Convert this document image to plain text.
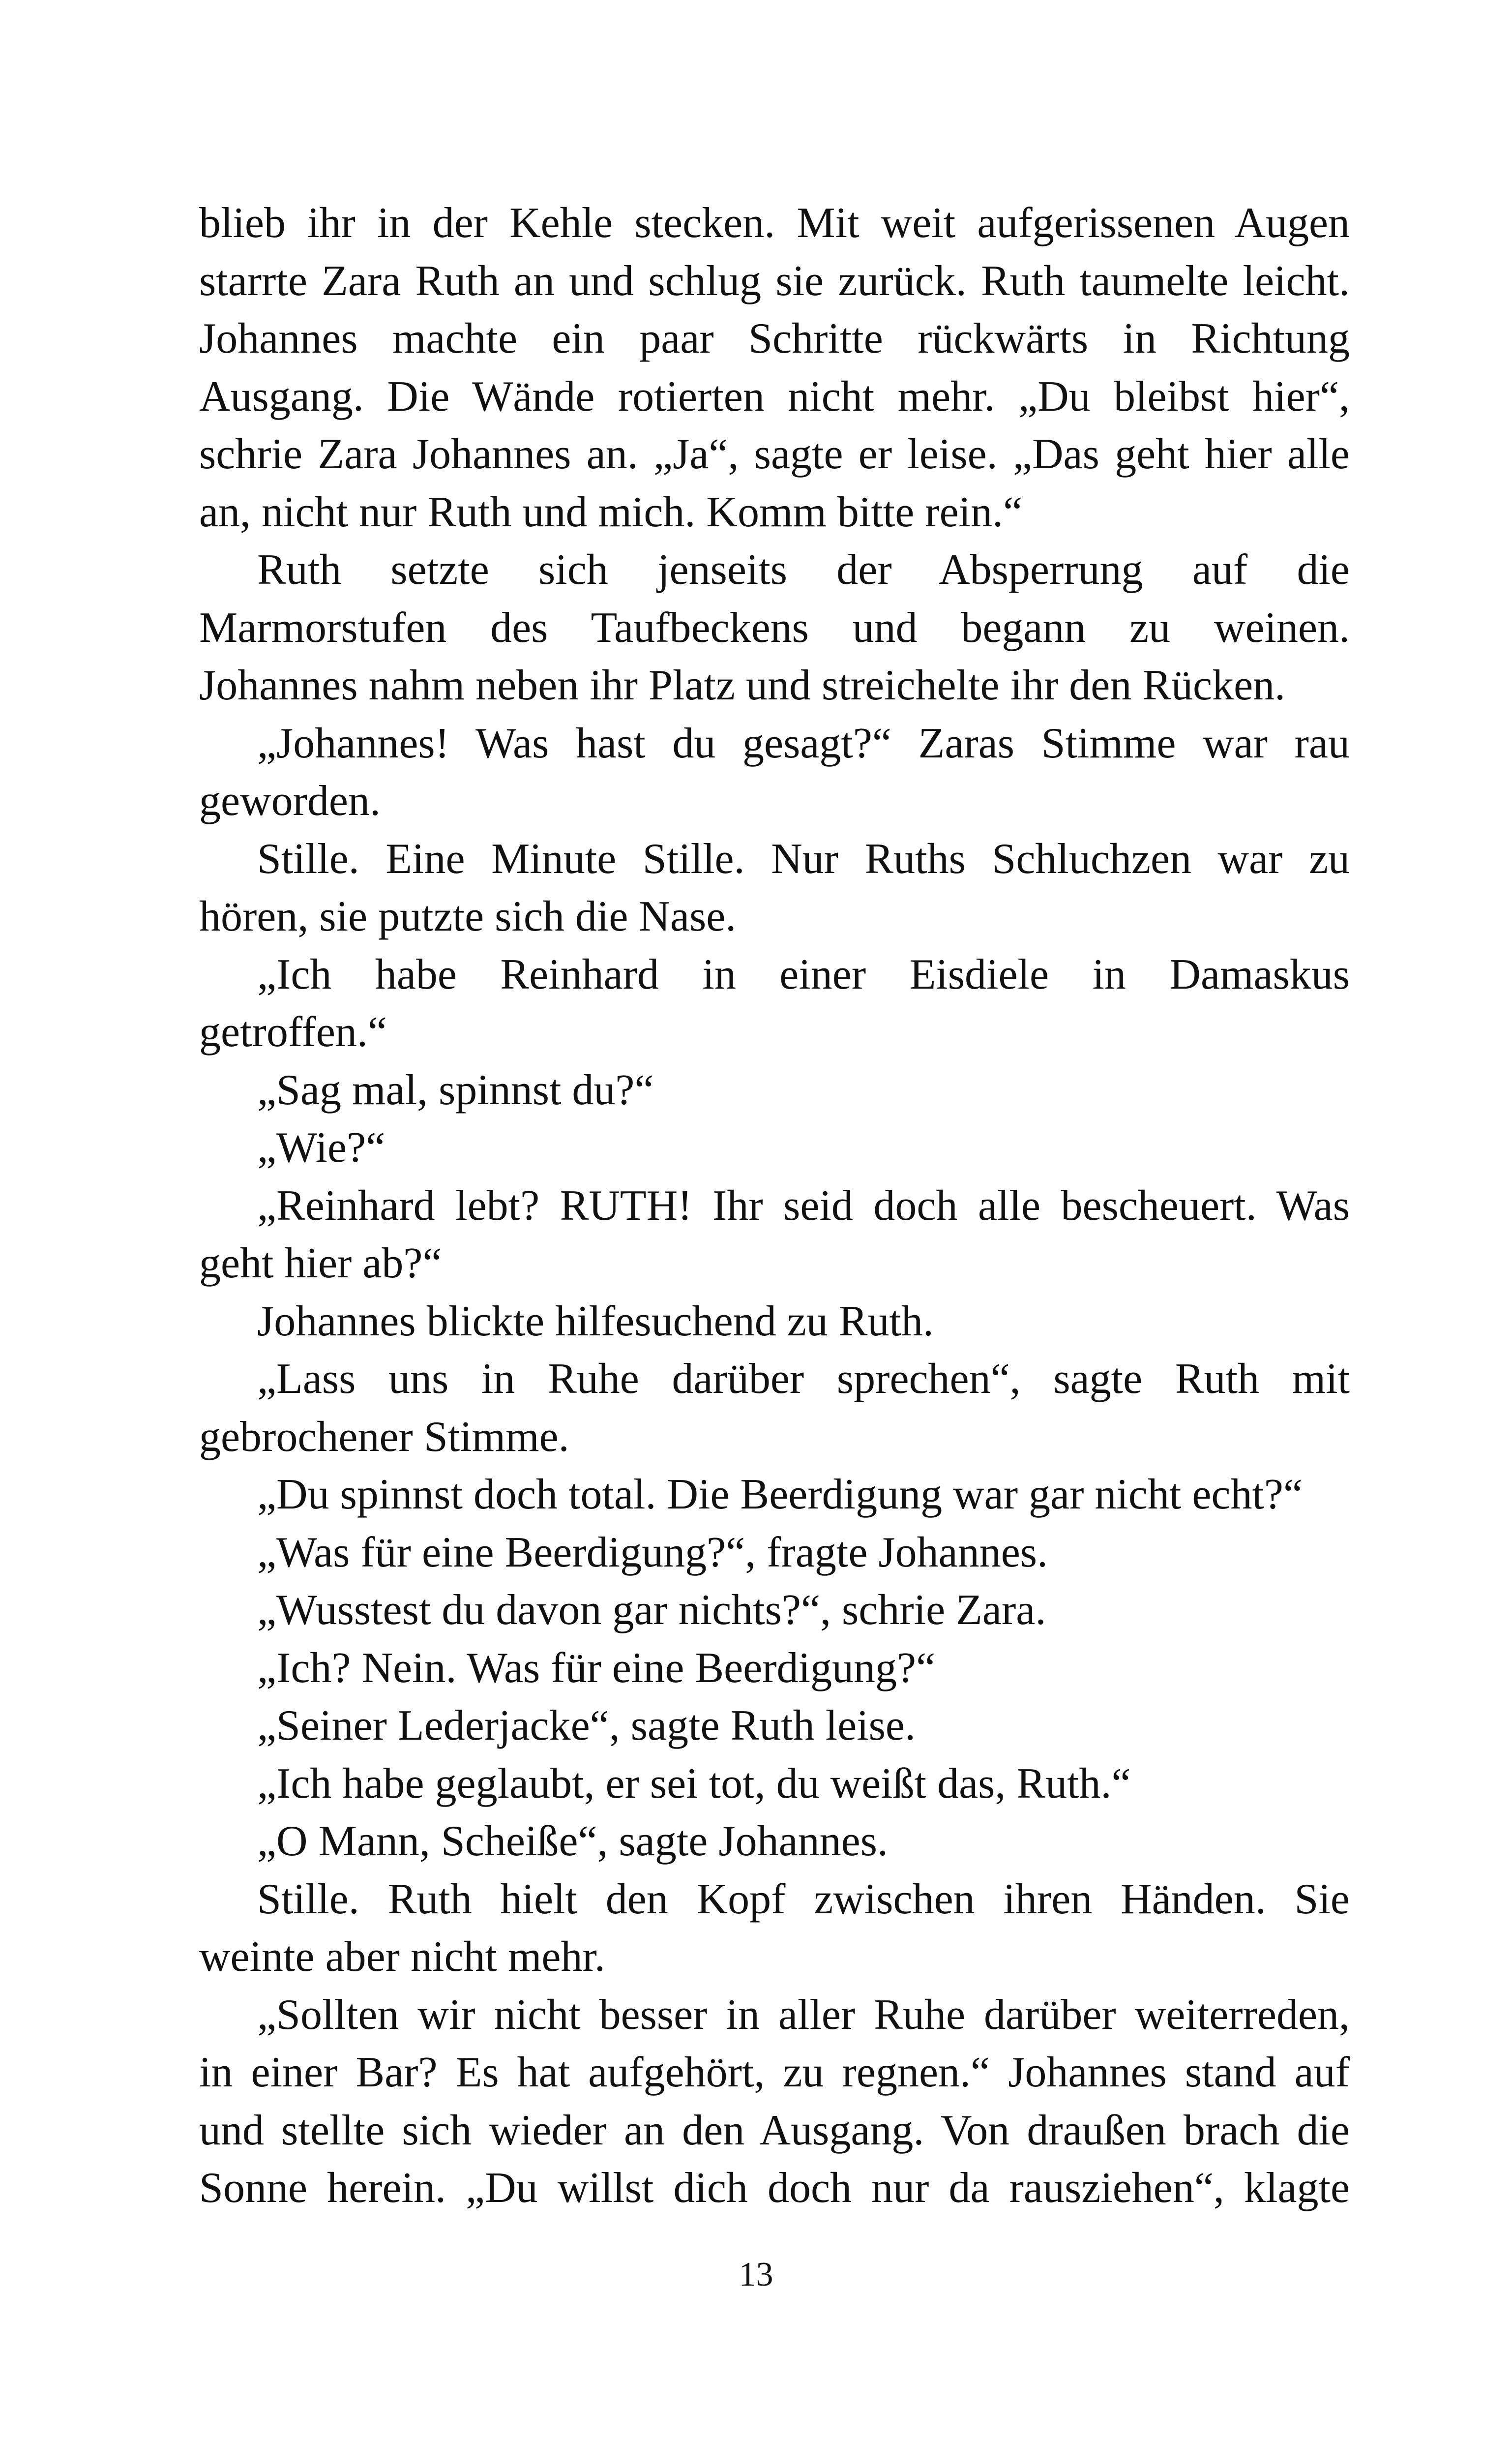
blieb ihr in der Kehle stecken. Mit weit aufgerissenen Augen
starrte Zara Ruth an und schlug sie zurück. Ruth taumelte leicht.
Johannes machte ein paar Schritte rückwärts in Richtung
Ausgang. Die Wände rotierten nicht mehr. „Du bleibst hier“,
schrie Zara Johannes an. „Ja“, sagte er leise. „Das geht hier alle
an, nicht nur Ruth und mich. Komm bitte rein.“
Ruth setzte sich jenseits der Absperrung auf die
Marmorstufen des Taufbeckens und begann zu weinen.
Johannes nahm neben ihr Platz und streichelte ihr den Rücken.
„Johannes! Was hast du gesagt?“ Zaras Stimme war rau
geworden.
Stille. Eine Minute Stille. Nur Ruths Schluchzen war zu
hören, sie putzte sich die Nase.
„Ich habe Reinhard in einer Eisdiele in Damaskus
getroffen.“
„Sag mal, spinnst du?“
„Wie?“
„Reinhard lebt? RUTH! Ihr seid doch alle bescheuert. Was
geht hier ab?“
Johannes blickte hilfesuchend zu Ruth.
„Lass uns in Ruhe darüber sprechen“, sagte Ruth mit
gebrochener Stimme.
„Du spinnst doch total. Die Beerdigung war gar nicht echt?“
„Was für eine Beerdigung?“, fragte Johannes.
„Wusstest du davon gar nichts?“, schrie Zara.
„Ich? Nein. Was für eine Beerdigung?“
„Seiner Lederjacke“, sagte Ruth leise.
„Ich habe geglaubt, er sei tot, du weißt das, Ruth.“
„O Mann, Scheiße“, sagte Johannes.
Stille. Ruth hielt den Kopf zwischen ihren Händen. Sie
weinte aber nicht mehr.
„Sollten wir nicht besser in aller Ruhe darüber weiterreden,
in einer Bar? Es hat aufgehört, zu regnen.“ Johannes stand auf
und stellte sich wieder an den Ausgang. Von draußen brach die
Sonne herein. „Du willst dich doch nur da rausziehen“, klagte
13
